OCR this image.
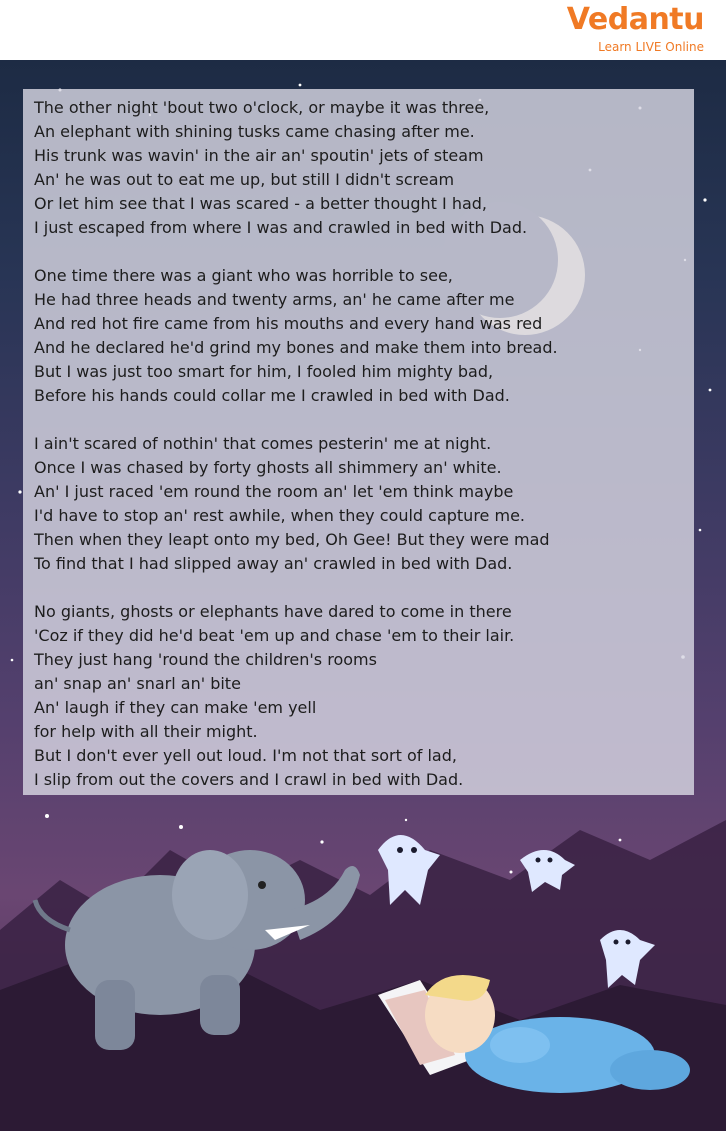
Vedantu
Learn LIVE Online
The other night 'bout two o'clock, or maybe it was three,
An elephant with shining tusks came chasing after me.
His trunk was wavin' in the air an' spoutin' jets of steam
An' he was out to eat me up, but still I didn't scream
Or let him see that I was scared - a better thought I had,
I just escaped from where I was and crawled in bed with Dad.
One time there was a giant who was horrible to see,
He had three heads and twenty arms, an' he came after me
And red hot fire came from his mouths and every hand was red
And he declared he'd grind my bones and make them into bread.
But I was just too smart for him, I fooled him mighty bad,
Before his hands could collar me I crawled in bed with Dad.
I ain't scared of nothin' that comes pesterin' me at night.
Once I was chased by forty ghosts all shimmery an' white.
An' I just raced 'em round the room an' let 'em think maybe
I'd have to stop an' rest awhile, when they could capture me.
Then when they leapt onto my bed, Oh Gee! But they were mad
To find that I had slipped away an' crawled in bed with Dad.
No giants, ghosts or elephants have dared to come in there
'Coz if they did he'd beat 'em up and chase 'em to their lair.
They just hang 'round the children's rooms
an' snap an' snarl an' bite
An' laugh if they can make 'em yell
for help with all their might.
But I don't ever yell out loud. I'm not that sort of lad,
I slip from out the covers and I crawl in bed with Dad.
